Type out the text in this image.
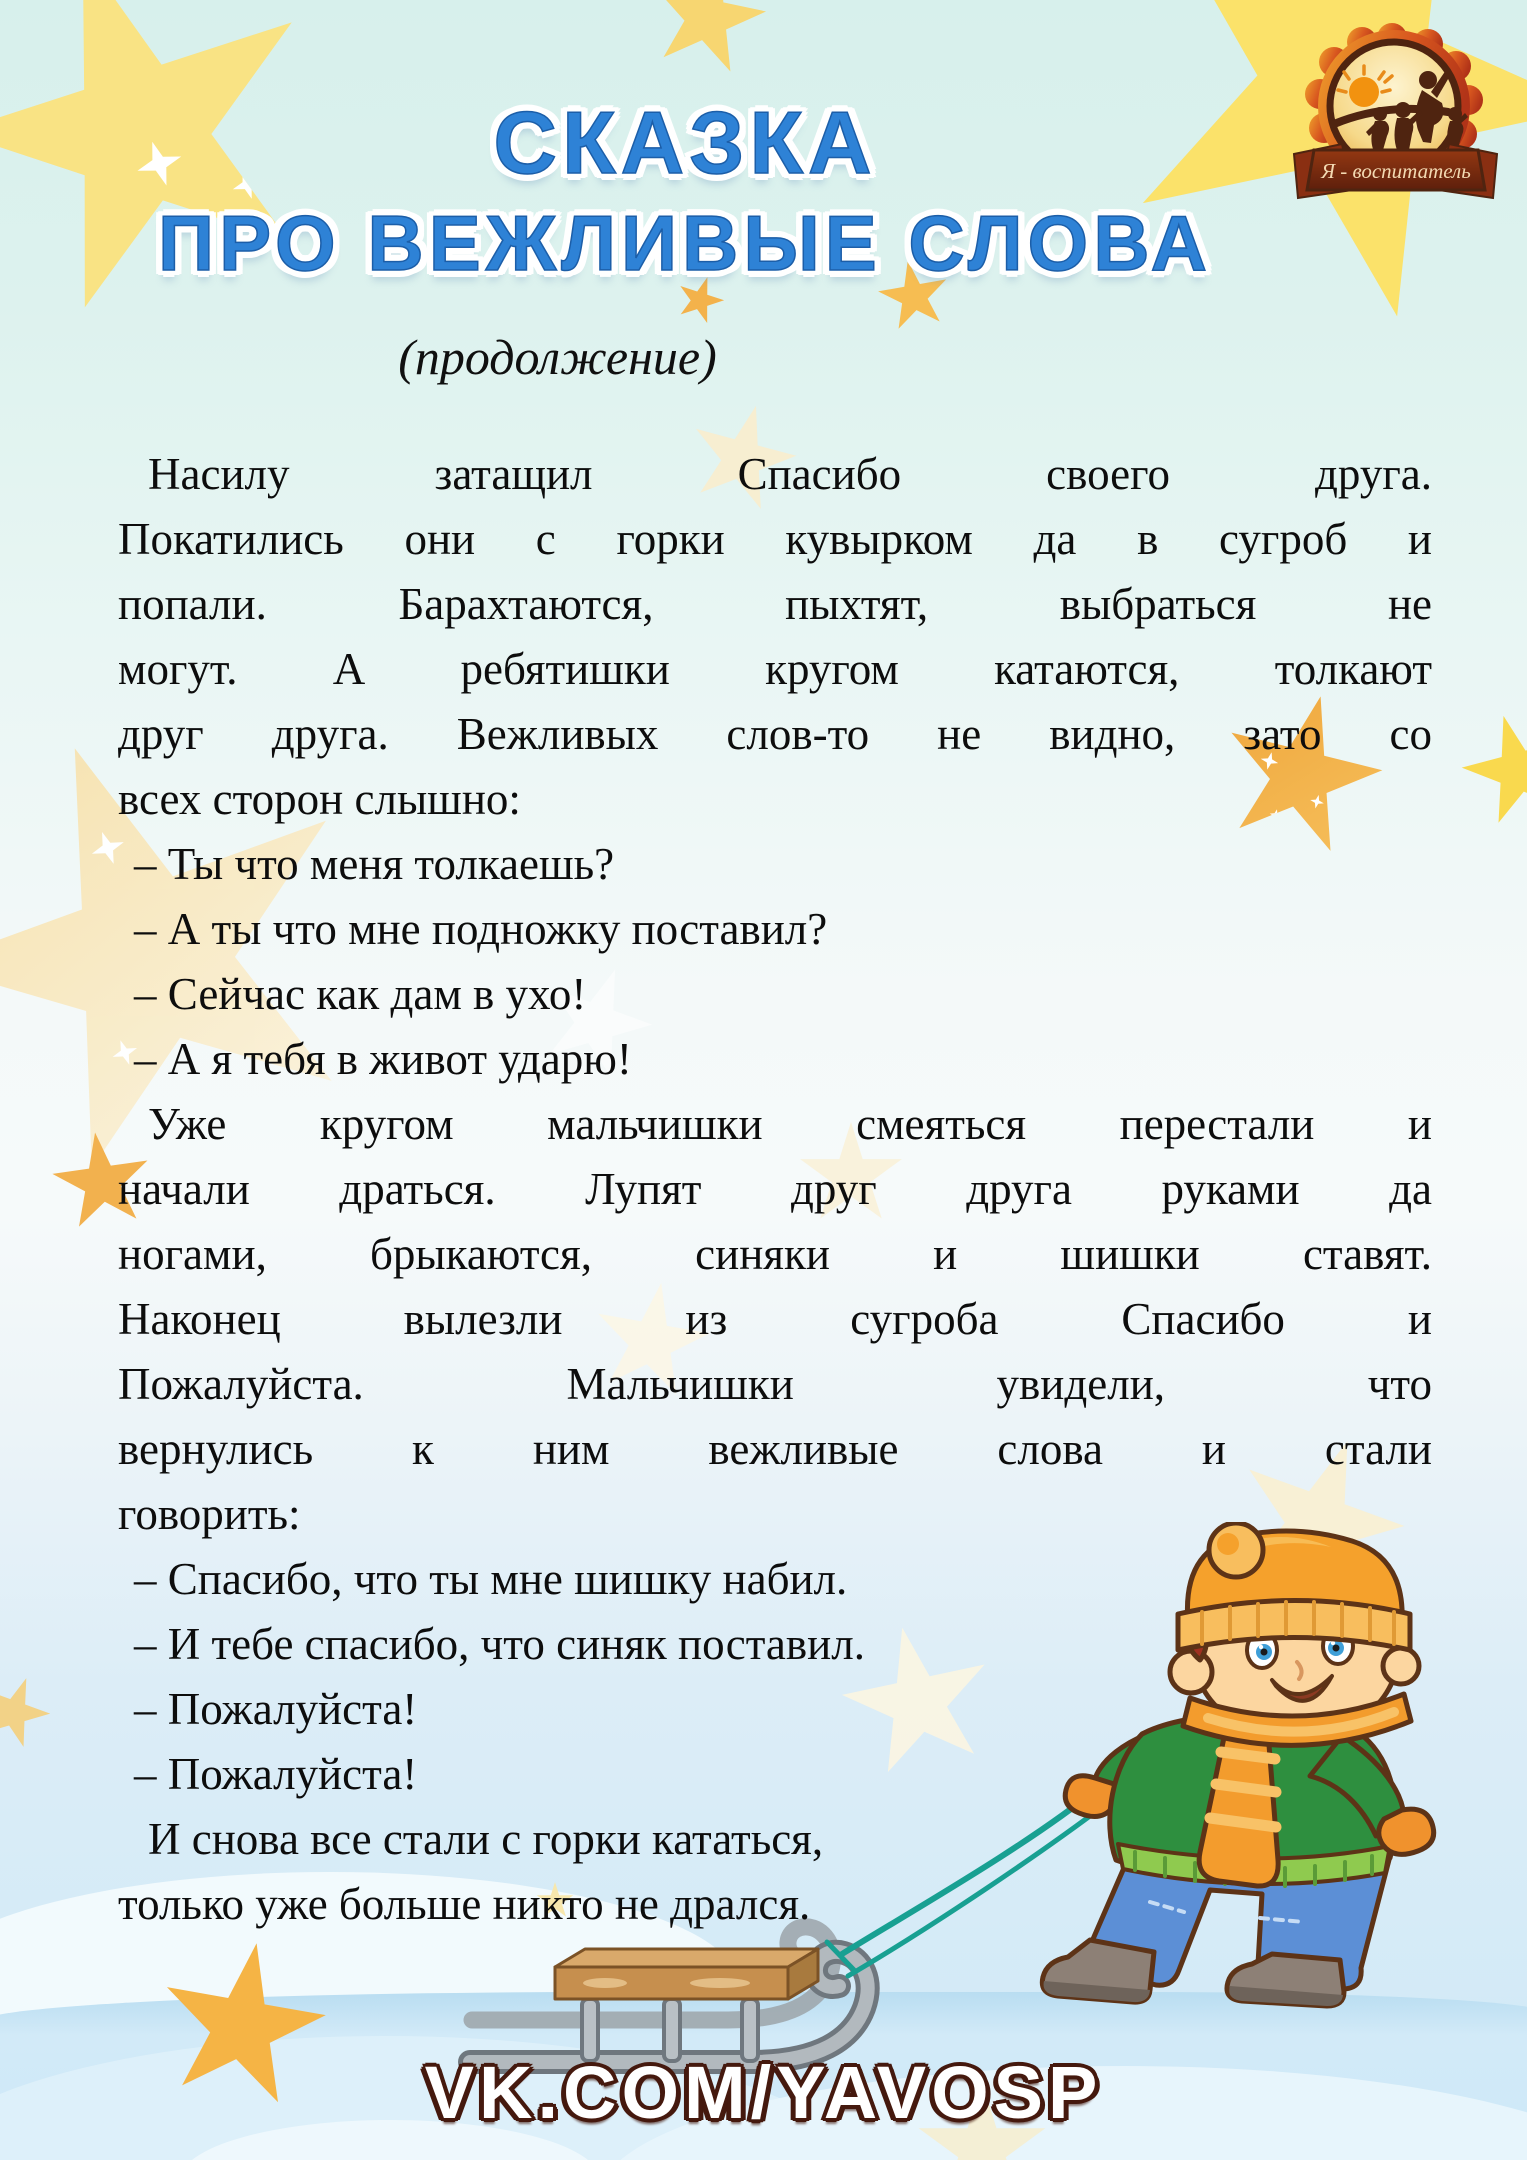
Я - воспитатель
СКАЗКА
ПРО ВЕЖЛИВЫЕ СЛОВА
(продолжение)
Насилу затащил Спасибо своего друга.
Покатились они с горки кувырком да в сугроб и
попали. Барахтаются, пыхтят, выбраться не
могут. А ребятишки кругом катаются, толкают
друг друга. Вежливых слов-то не видно, зато со
всех сторон слышно:
– Ты что меня толкаешь?
– А ты что мне подножку поставил?
– Сейчас как дам в ухо!
– А я тебя в живот ударю!
Уже кругом мальчишки смеяться перестали и
начали драться. Лупят друг друга руками да
ногами, брыкаются, синяки и шишки ставят.
Наконец вылезли из сугроба Спасибо и
Пожалуйста. Мальчишки увидели, что
вернулись к ним вежливые слова и стали
говорить:
– Спасибо, что ты мне шишку набил.
– И тебе спасибо, что синяк поставил.
– Пожалуйста!
– Пожалуйста!
И снова все стали с горки кататься,
только уже больше никто не дрался.
VK.COM/YAVOSP
